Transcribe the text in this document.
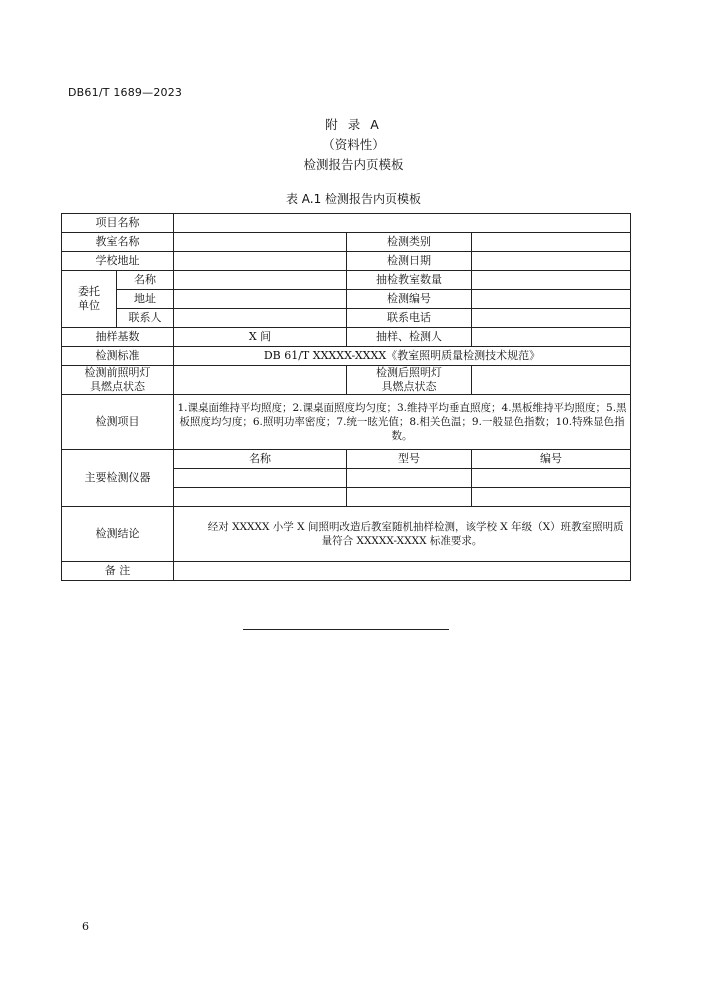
DB61/T 1689—2023
附 录 A
（资料性）
检测报告内页模板
表 A.1 检测报告内页模板
项目名称				
教室名称			检测类别	
学校地址			检测日期	
委托
单位	名称		抽检教室数量	
	地址		检测编号	
	联系人		联系电话	
抽样基数		X 间	抽样、检测人	
检测标准		DB 61/T XXXXX-XXXX《教室照明质量检测技术规范》		
检测前照明灯
具燃点状态			检测后照明灯
具燃点状态	
检测项目		1.课桌面维持平均照度；2.课桌面照度均匀度；3.维持平均垂直照度；4.黑板维持平均照度；5.黑板照度均匀度；6.照明功率密度；7.统一眩光值；8.相关色温；9.一般显色指数；10.特殊显色指数。		
主要检测仪器		名称	型号	编号

检测结论		经对 XXXXX 小学 X 间照明改造后教室随机抽样检测，该学校 X 年级（X）班教室照明质量符合 XXXXX-XXXX 标准要求。		
备 注				
6
